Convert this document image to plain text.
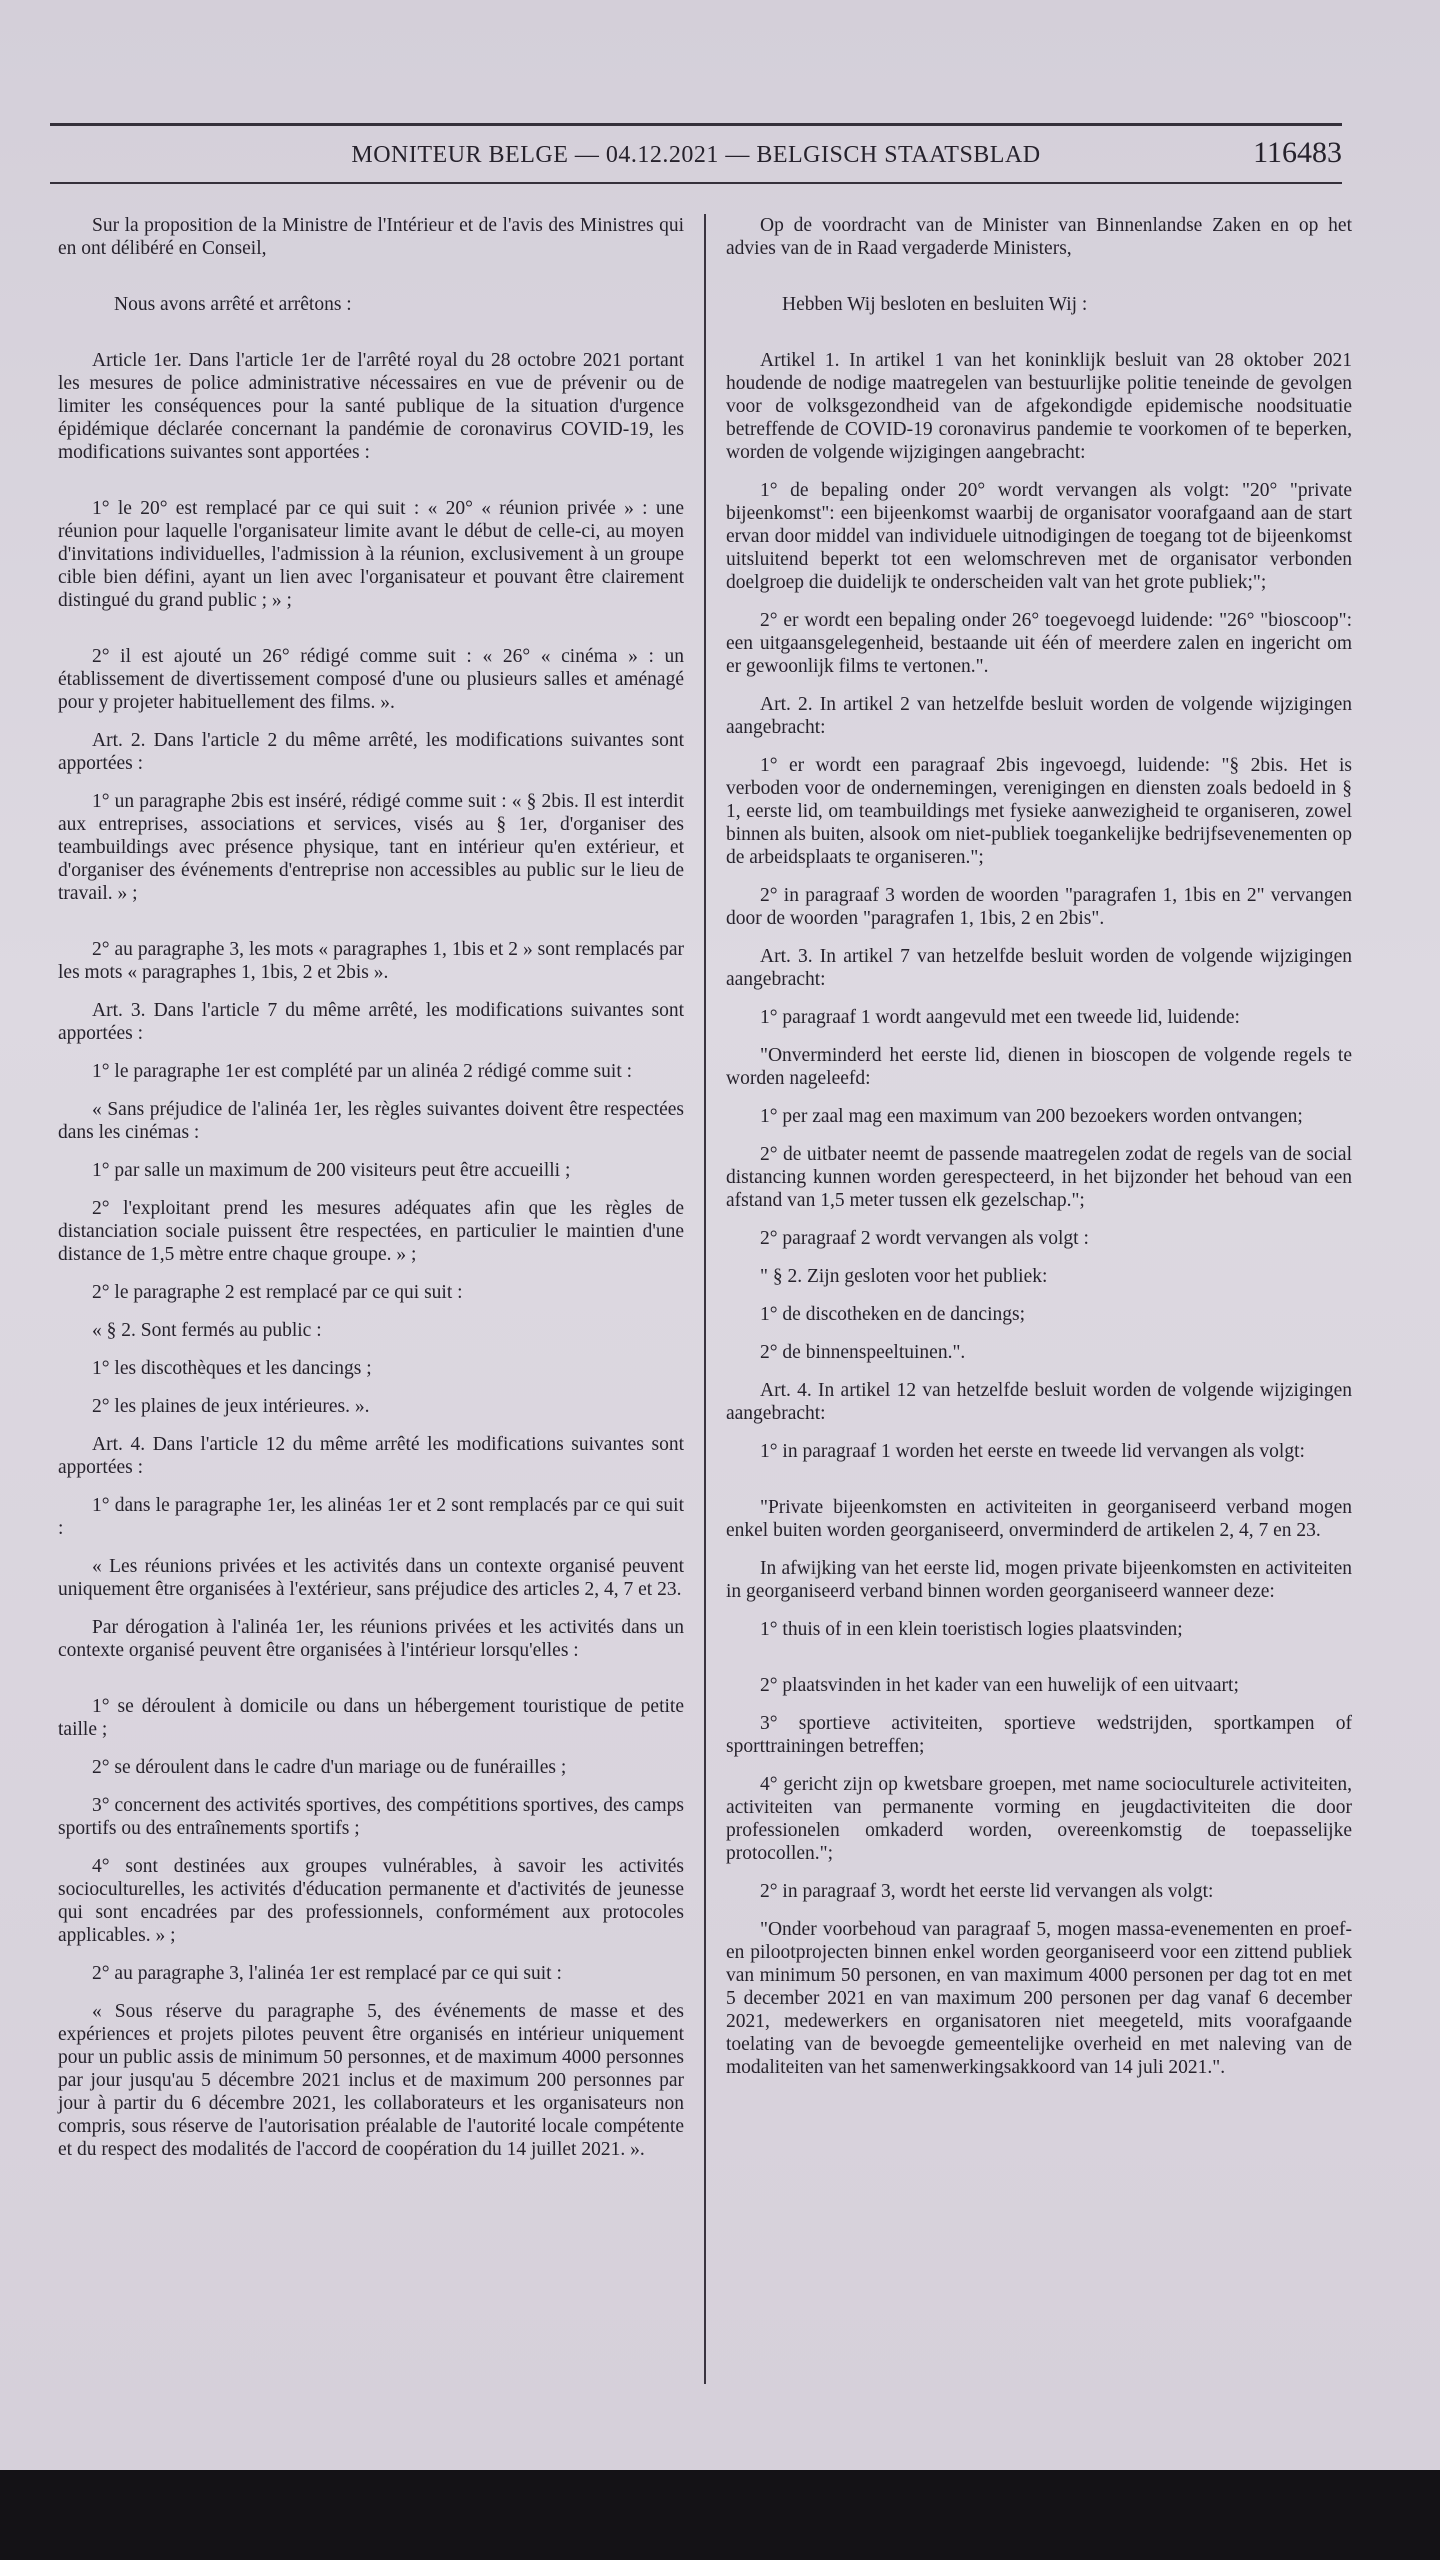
MONITEUR BELGE — 04.12.2021 — BELGISCH STAATSBLAD	116483

Sur la proposition de la Ministre de l'Intérieur et de l'avis des Ministres qui en ont délibéré en Conseil,

Nous avons arrêté et arrêtons :

Article 1er. Dans l'article 1er de l'arrêté royal du 28 octobre 2021 portant les mesures de police administrative nécessaires en vue de prévenir ou de limiter les conséquences pour la santé publique de la situation d'urgence épidémique déclarée concernant la pandémie de coronavirus COVID-19, les modifications suivantes sont apportées :

1° le 20° est remplacé par ce qui suit : « 20° « réunion privée » : une réunion pour laquelle l'organisateur limite avant le début de celle-ci, au moyen d'invitations individuelles, l'admission à la réunion, exclusivement à un groupe cible bien défini, ayant un lien avec l'organisateur et pouvant être clairement distingué du grand public ; » ;

2° il est ajouté un 26° rédigé comme suit : « 26° « cinéma » : un établissement de divertissement composé d'une ou plusieurs salles et aménagé pour y projeter habituellement des films. ».

Art. 2. Dans l'article 2 du même arrêté, les modifications suivantes sont apportées :

1° un paragraphe 2bis est inséré, rédigé comme suit : « § 2bis. Il est interdit aux entreprises, associations et services, visés au § 1er, d'organiser des teambuildings avec présence physique, tant en intérieur qu'en extérieur, et d'organiser des événements d'entreprise non accessibles au public sur le lieu de travail. » ;

2° au paragraphe 3, les mots « paragraphes 1, 1bis et 2 » sont remplacés par les mots « paragraphes 1, 1bis, 2 et 2bis ».

Art. 3. Dans l'article 7 du même arrêté, les modifications suivantes sont apportées :

1° le paragraphe 1er est complété par un alinéa 2 rédigé comme suit :

« Sans préjudice de l'alinéa 1er, les règles suivantes doivent être respectées dans les cinémas :

1° par salle un maximum de 200 visiteurs peut être accueilli ;

2° l'exploitant prend les mesures adéquates afin que les règles de distanciation sociale puissent être respectées, en particulier le maintien d'une distance de 1,5 mètre entre chaque groupe. » ;

2° le paragraphe 2 est remplacé par ce qui suit :

« § 2. Sont fermés au public :

1° les discothèques et les dancings ;

2° les plaines de jeux intérieures. ».

Art. 4. Dans l'article 12 du même arrêté les modifications suivantes sont apportées :

1° dans le paragraphe 1er, les alinéas 1er et 2 sont remplacés par ce qui suit :

« Les réunions privées et les activités dans un contexte organisé peuvent uniquement être organisées à l'extérieur, sans préjudice des articles 2, 4, 7 et 23.

Par dérogation à l'alinéa 1er, les réunions privées et les activités dans un contexte organisé peuvent être organisées à l'intérieur lorsqu'elles :

1° se déroulent à domicile ou dans un hébergement touristique de petite taille ;

2° se déroulent dans le cadre d'un mariage ou de funérailles ;

3° concernent des activités sportives, des compétitions sportives, des camps sportifs ou des entraînements sportifs ;

4° sont destinées aux groupes vulnérables, à savoir les activités socioculturelles, les activités d'éducation permanente et d'activités de jeunesse qui sont encadrées par des professionnels, conformément aux protocoles applicables. » ;

2° au paragraphe 3, l'alinéa 1er est remplacé par ce qui suit :

« Sous réserve du paragraphe 5, des événements de masse et des expériences et projets pilotes peuvent être organisés en intérieur uniquement pour un public assis de minimum 50 personnes, et de maximum 4000 personnes par jour jusqu'au 5 décembre 2021 inclus et de maximum 200 personnes par jour à partir du 6 décembre 2021, les collaborateurs et les organisateurs non compris, sous réserve de l'autorisation préalable de l'autorité locale compétente et du respect des modalités de l'accord de coopération du 14 juillet 2021. ».

Op de voordracht van de Minister van Binnenlandse Zaken en op het advies van de in Raad vergaderde Ministers,

Hebben Wij besloten en besluiten Wij :

Artikel 1. In artikel 1 van het koninklijk besluit van 28 oktober 2021 houdende de nodige maatregelen van bestuurlijke politie teneinde de gevolgen voor de volksgezondheid van de afgekondigde epidemische noodsituatie betreffende de COVID-19 coronavirus pandemie te voorkomen of te beperken, worden de volgende wijzigingen aangebracht:

1° de bepaling onder 20° wordt vervangen als volgt: "20° "private bijeenkomst": een bijeenkomst waarbij de organisator voorafgaand aan de start ervan door middel van individuele uitnodigingen de toegang tot de bijeenkomst uitsluitend beperkt tot een welomschreven met de organisator verbonden doelgroep die duidelijk te onderscheiden valt van het grote publiek;";

2° er wordt een bepaling onder 26° toegevoegd luidende: "26° "bioscoop": een uitgaansgelegenheid, bestaande uit één of meerdere zalen en ingericht om er gewoonlijk films te vertonen.".

Art. 2. In artikel 2 van hetzelfde besluit worden de volgende wijzigingen aangebracht:

1° er wordt een paragraaf 2bis ingevoegd, luidende: "§ 2bis. Het is verboden voor de ondernemingen, verenigingen en diensten zoals bedoeld in § 1, eerste lid, om teambuildings met fysieke aanwezigheid te organiseren, zowel binnen als buiten, alsook om niet-publiek toegankelijke bedrijfsevenementen op de arbeidsplaats te organiseren.";

2° in paragraaf 3 worden de woorden "paragrafen 1, 1bis en 2" vervangen door de woorden "paragrafen 1, 1bis, 2 en 2bis".

Art. 3. In artikel 7 van hetzelfde besluit worden de volgende wijzigingen aangebracht:

1° paragraaf 1 wordt aangevuld met een tweede lid, luidende:

"Onverminderd het eerste lid, dienen in bioscopen de volgende regels te worden nageleefd:

1° per zaal mag een maximum van 200 bezoekers worden ontvangen;

2° de uitbater neemt de passende maatregelen zodat de regels van de social distancing kunnen worden gerespecteerd, in het bijzonder het behoud van een afstand van 1,5 meter tussen elk gezelschap.";

2° paragraaf 2 wordt vervangen als volgt :

" § 2. Zijn gesloten voor het publiek:

1° de discotheken en de dancings;

2° de binnenspeeltuinen.".

Art. 4. In artikel 12 van hetzelfde besluit worden de volgende wijzigingen aangebracht:

1° in paragraaf 1 worden het eerste en tweede lid vervangen als volgt:

"Private bijeenkomsten en activiteiten in georganiseerd verband mogen enkel buiten worden georganiseerd, onverminderd de artikelen 2, 4, 7 en 23.

In afwijking van het eerste lid, mogen private bijeenkomsten en activiteiten in georganiseerd verband binnen worden georganiseerd wanneer deze:

1° thuis of in een klein toeristisch logies plaatsvinden;

2° plaatsvinden in het kader van een huwelijk of een uitvaart;

3° sportieve activiteiten, sportieve wedstrijden, sportkampen of sporttrainingen betreffen;

4° gericht zijn op kwetsbare groepen, met name socioculturele activiteiten, activiteiten van permanente vorming en jeugdactiviteiten die door professionelen omkaderd worden, overeenkomstig de toepasselijke protocollen.";

2° in paragraaf 3, wordt het eerste lid vervangen als volgt:

"Onder voorbehoud van paragraaf 5, mogen massa-evenementen en proef- en pilootprojecten binnen enkel worden georganiseerd voor een zittend publiek van minimum 50 personen, en van maximum 4000 personen per dag tot en met 5 december 2021 en van maximum 200 personen per dag vanaf 6 december 2021, medewerkers en organisatoren niet meegeteld, mits voorafgaande toelating van de bevoegde gemeentelijke overheid en met naleving van de modaliteiten van het samenwerkingsakkoord van 14 juli 2021.".
